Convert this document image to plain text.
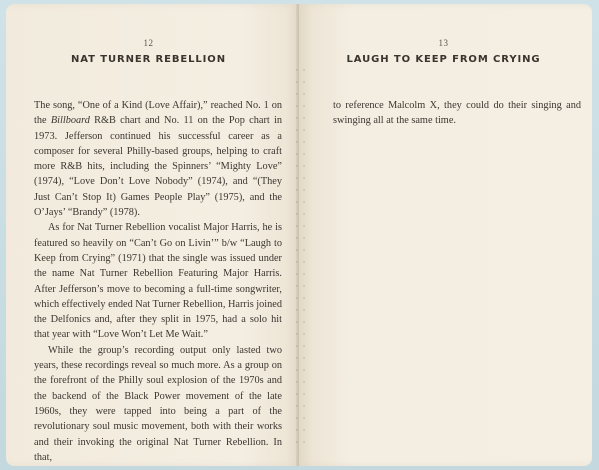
12
NAT TURNER REBELLION

The song, “One of a Kind (Love Affair),” reached No. 1 on the Billboard R&B chart and No. 11 on the Pop chart in 1973. Jefferson continued his successful career as a composer for several Philly-based groups, helping to craft more R&B hits, including the Spinners’ “Mighty Love” (1974), “Love Don’t Love Nobody” (1974), and “(They Just Can’t Stop It) Games People Play” (1975), and the O’Jays’ “Brandy” (1978).

As for Nat Turner Rebellion vocalist Major Harris, he is featured so heavily on “Can’t Go on Livin’” b/w “Laugh to Keep from Crying” (1971) that the single was issued under the name Nat Turner Rebellion Featuring Major Harris. After Jefferson’s move to becoming a full-time songwriter, which effectively ended Nat Turner Rebellion, Harris joined the Delfonics and, after they split in 1975, had a solo hit that year with “Love Won’t Let Me Wait.”

While the group’s recording output only lasted two years, these recordings reveal so much more. As a group on the forefront of the Philly soul explosion of the 1970s and the backend of the Black Power movement of the late 1960s, they were tapped into being a part of the revolutionary soul music movement, both with their works and their invoking the original Nat Turner Rebellion. In that,

13
LAUGH TO KEEP FROM CRYING

to reference Malcolm X, they could do their singing and swinging all at the same time.
